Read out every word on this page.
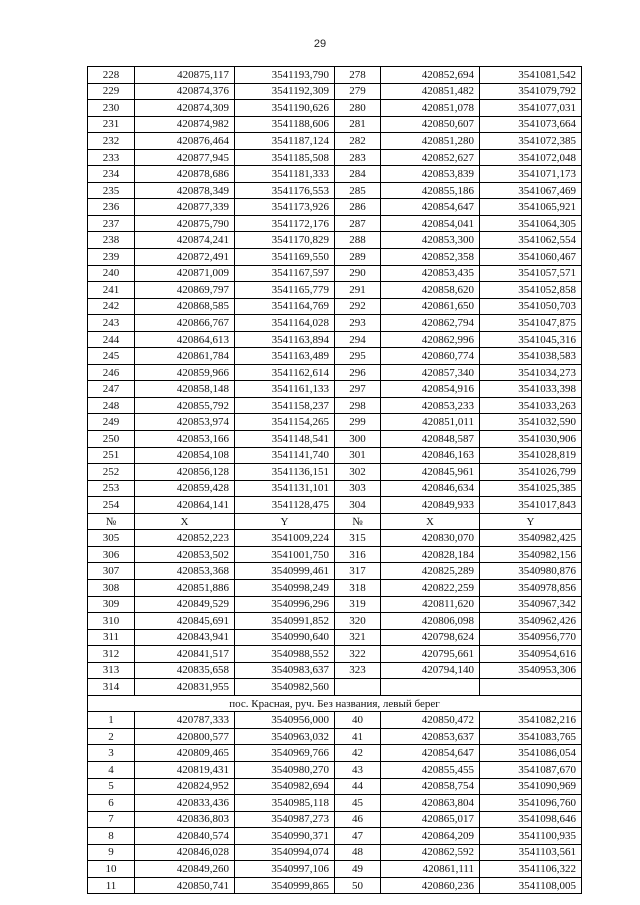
29
228	420875,117	3541193,790	278	420852,694	3541081,542
229	420874,376	3541192,309	279	420851,482	3541079,792
230	420874,309	3541190,626	280	420851,078	3541077,031
231	420874,982	3541188,606	281	420850,607	3541073,664
232	420876,464	3541187,124	282	420851,280	3541072,385
233	420877,945	3541185,508	283	420852,627	3541072,048
234	420878,686	3541181,333	284	420853,839	3541071,173
235	420878,349	3541176,553	285	420855,186	3541067,469
236	420877,339	3541173,926	286	420854,647	3541065,921
237	420875,790	3541172,176	287	420854,041	3541064,305
238	420874,241	3541170,829	288	420853,300	3541062,554
239	420872,491	3541169,550	289	420852,358	3541060,467
240	420871,009	3541167,597	290	420853,435	3541057,571
241	420869,797	3541165,779	291	420858,620	3541052,858
242	420868,585	3541164,769	292	420861,650	3541050,703
243	420866,767	3541164,028	293	420862,794	3541047,875
244	420864,613	3541163,894	294	420862,996	3541045,316
245	420861,784	3541163,489	295	420860,774	3541038,583
246	420859,966	3541162,614	296	420857,340	3541034,273
247	420858,148	3541161,133	297	420854,916	3541033,398
248	420855,792	3541158,237	298	420853,233	3541033,263
249	420853,974	3541154,265	299	420851,011	3541032,590
250	420853,166	3541148,541	300	420848,587	3541030,906
251	420854,108	3541141,740	301	420846,163	3541028,819
252	420856,128	3541136,151	302	420845,961	3541026,799
253	420859,428	3541131,101	303	420846,634	3541025,385
254	420864,141	3541128,475	304	420849,933	3541017,843
№	X	Y	№	X	Y
305	420852,223	3541009,224	315	420830,070	3540982,425
306	420853,502	3541001,750	316	420828,184	3540982,156
307	420853,368	3540999,461	317	420825,289	3540980,876
308	420851,886	3540998,249	318	420822,259	3540978,856
309	420849,529	3540996,296	319	420811,620	3540967,342
310	420845,691	3540991,852	320	420806,098	3540962,426
311	420843,941	3540990,640	321	420798,624	3540956,770
312	420841,517	3540988,552	322	420795,661	3540954,616
313	420835,658	3540983,637	323	420794,140	3540953,306
314	420831,955	3540982,560			
пос. Красная, руч. Без названия, левый берег					
1	420787,333	3540956,000	40	420850,472	3541082,216
2	420800,577	3540963,032	41	420853,637	3541083,765
3	420809,465	3540969,766	42	420854,647	3541086,054
4	420819,431	3540980,270	43	420855,455	3541087,670
5	420824,952	3540982,694	44	420858,754	3541090,969
6	420833,436	3540985,118	45	420863,804	3541096,760
7	420836,803	3540987,273	46	420865,017	3541098,646
8	420840,574	3540990,371	47	420864,209	3541100,935
9	420846,028	3540994,074	48	420862,592	3541103,561
10	420849,260	3540997,106	49	420861,111	3541106,322
11	420850,741	3540999,865	50	420860,236	3541108,005
